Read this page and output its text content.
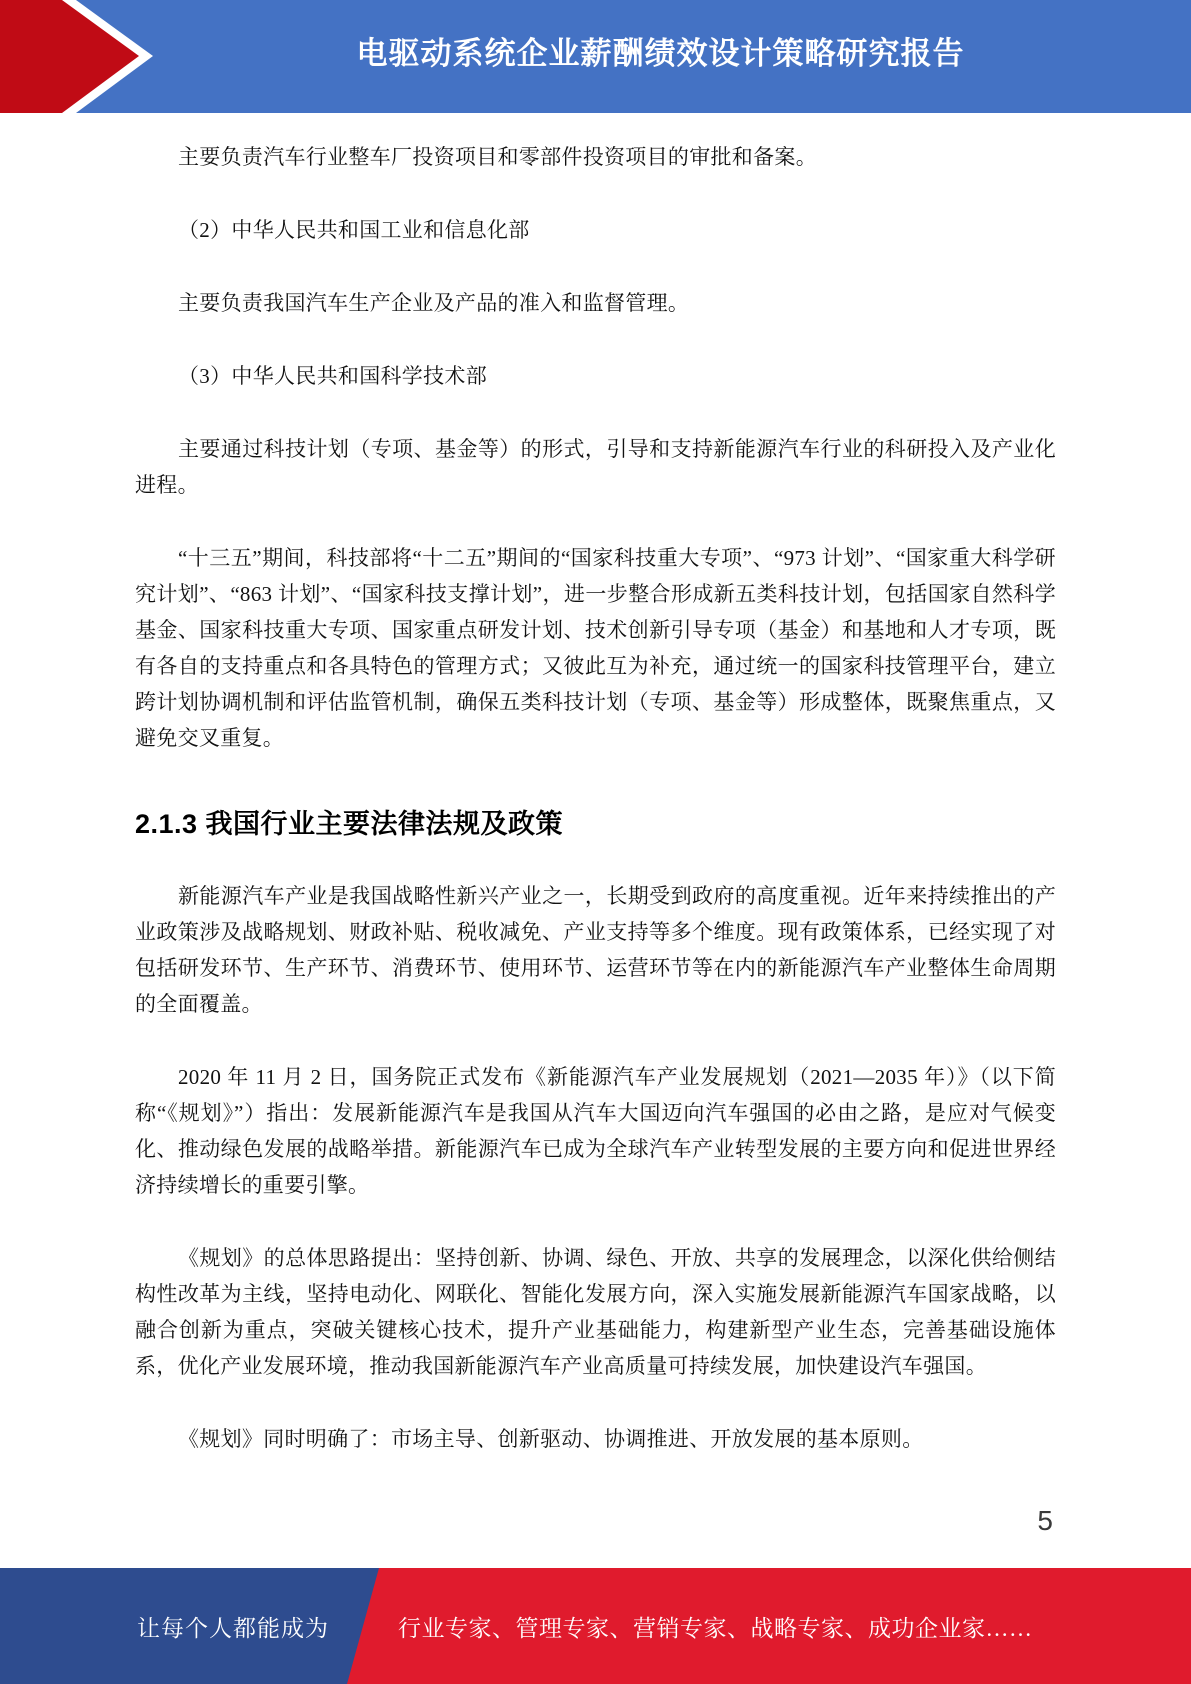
电驱动系统企业薪酬绩效设计策略研究报告

主要负责汽车行业整车厂投资项目和零部件投资项目的审批和备案。

（2）中华人民共和国工业和信息化部

主要负责我国汽车生产企业及产品的准入和监督管理。

（3）中华人民共和国科学技术部

主要通过科技计划（专项、基金等）的形式，引导和支持新能源汽车行业的科研投入及产业化进程。

“十三五”期间，科技部将“十二五”期间的“国家科技重大专项”、“973 计划”、“国家重大科学研究计划”、“863 计划”、“国家科技支撑计划”，进一步整合形成新五类科技计划，包括国家自然科学基金、国家科技重大专项、国家重点研发计划、技术创新引导专项（基金）和基地和人才专项，既有各自的支持重点和各具特色的管理方式；又彼此互为补充，通过统一的国家科技管理平台，建立跨计划协调机制和评估监管机制，确保五类科技计划（专项、基金等）形成整体，既聚焦重点，又避免交叉重复。

2.1.3 我国行业主要法律法规及政策

新能源汽车产业是我国战略性新兴产业之一，长期受到政府的高度重视。近年来持续推出的产业政策涉及战略规划、财政补贴、税收减免、产业支持等多个维度。现有政策体系，已经实现了对包括研发环节、生产环节、消费环节、使用环节、运营环节等在内的新能源汽车产业整体生命周期的全面覆盖。

2020 年 11 月 2 日，国务院正式发布《新能源汽车产业发展规划（2021—2035 年）》（以下简称“《规划》”）指出：发展新能源汽车是我国从汽车大国迈向汽车强国的必由之路，是应对气候变化、推动绿色发展的战略举措。新能源汽车已成为全球汽车产业转型发展的主要方向和促进世界经济持续增长的重要引擎。

《规划》的总体思路提出：坚持创新、协调、绿色、开放、共享的发展理念，以深化供给侧结构性改革为主线，坚持电动化、网联化、智能化发展方向，深入实施发展新能源汽车国家战略，以融合创新为重点，突破关键核心技术，提升产业基础能力，构建新型产业生态，完善基础设施体系，优化产业发展环境，推动我国新能源汽车产业高质量可持续发展，加快建设汽车强国。

《规划》同时明确了：市场主导、创新驱动、协调推进、开放发展的基本原则。

5
让每个人都能成为	行业专家、管理专家、营销专家、战略专家、成功企业家……
